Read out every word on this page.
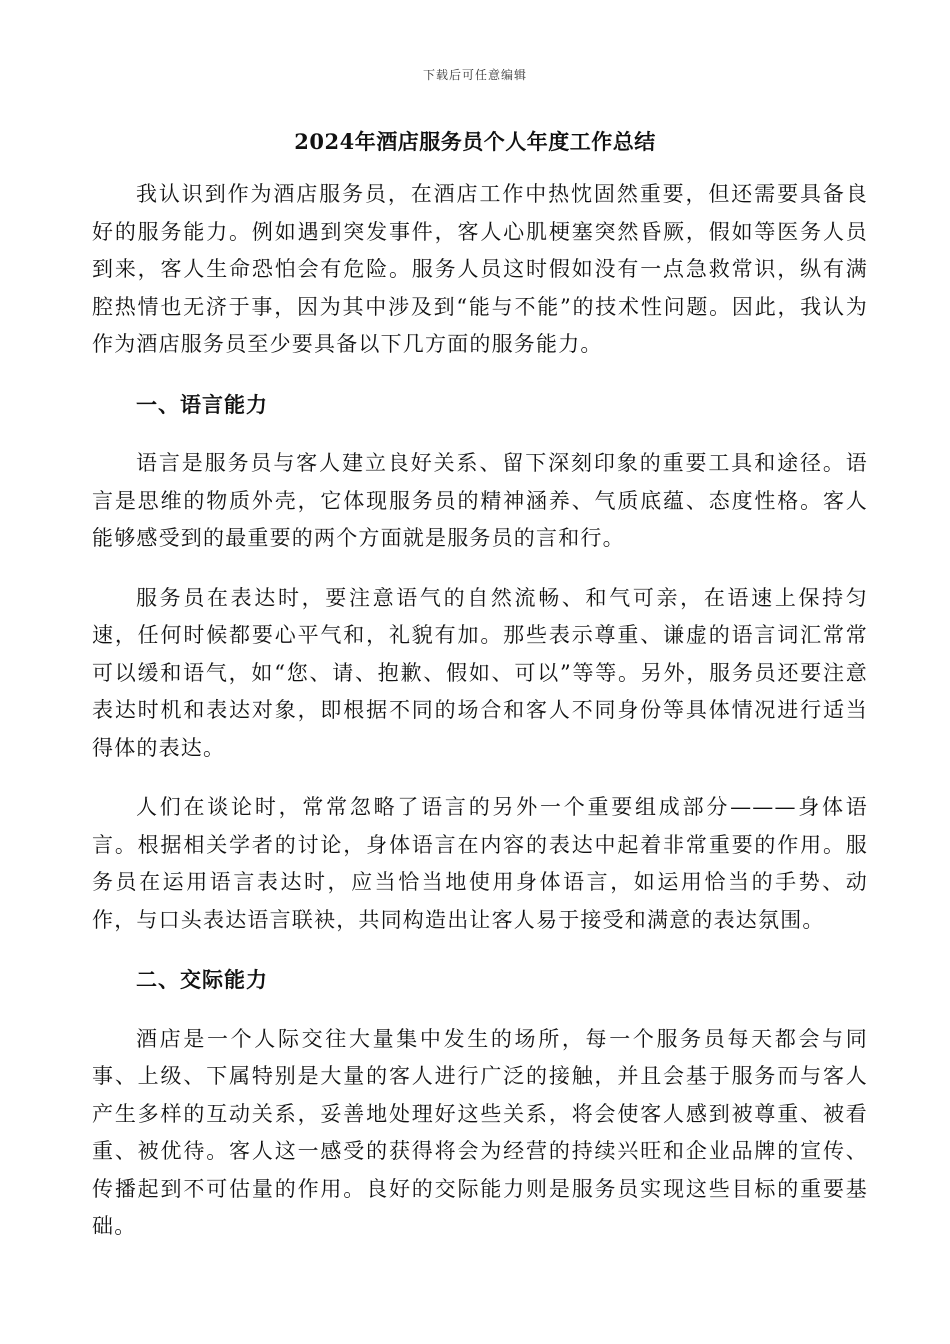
下载后可任意编辑
2024年酒店服务员个人年度工作总结

我认识到作为酒店服务员，在酒店工作中热忱固然重要，但还需要具备良好的服务能力。例如遇到突发事件，客人心肌梗塞突然昏厥，假如等医务人员到来，客人生命恐怕会有危险。服务人员这时假如没有一点急救常识，纵有满腔热情也无济于事，因为其中涉及到“能与不能”的技术性问题。因此，我认为作为酒店服务员至少要具备以下几方面的服务能力。

一、语言能力

语言是服务员与客人建立良好关系、留下深刻印象的重要工具和途径。语言是思维的物质外壳，它体现服务员的精神涵养、气质底蕴、态度性格。客人能够感受到的最重要的两个方面就是服务员的言和行。

服务员在表达时，要注意语气的自然流畅、和气可亲，在语速上保持匀速，任何时候都要心平气和，礼貌有加。那些表示尊重、谦虚的语言词汇常常可以缓和语气，如“您、请、抱歉、假如、可以”等等。另外，服务员还要注意表达时机和表达对象，即根据不同的场合和客人不同身份等具体情况进行适当得体的表达。

人们在谈论时，常常忽略了语言的另外一个重要组成部分———身体语言。根据相关学者的讨论，身体语言在内容的表达中起着非常重要的作用。服务员在运用语言表达时，应当恰当地使用身体语言，如运用恰当的手势、动作，与口头表达语言联袂，共同构造出让客人易于接受和满意的表达氛围。

二、交际能力

酒店是一个人际交往大量集中发生的场所，每一个服务员每天都会与同事、上级、下属特别是大量的客人进行广泛的接触，并且会基于服务而与客人产生多样的互动关系，妥善地处理好这些关系，将会使客人感到被尊重、被看重、被优待。客人这一感受的获得将会为经营的持续兴旺和企业品牌的宣传、传播起到不可估量的作用。良好的交际能力则是服务员实现这些目标的重要基础。
